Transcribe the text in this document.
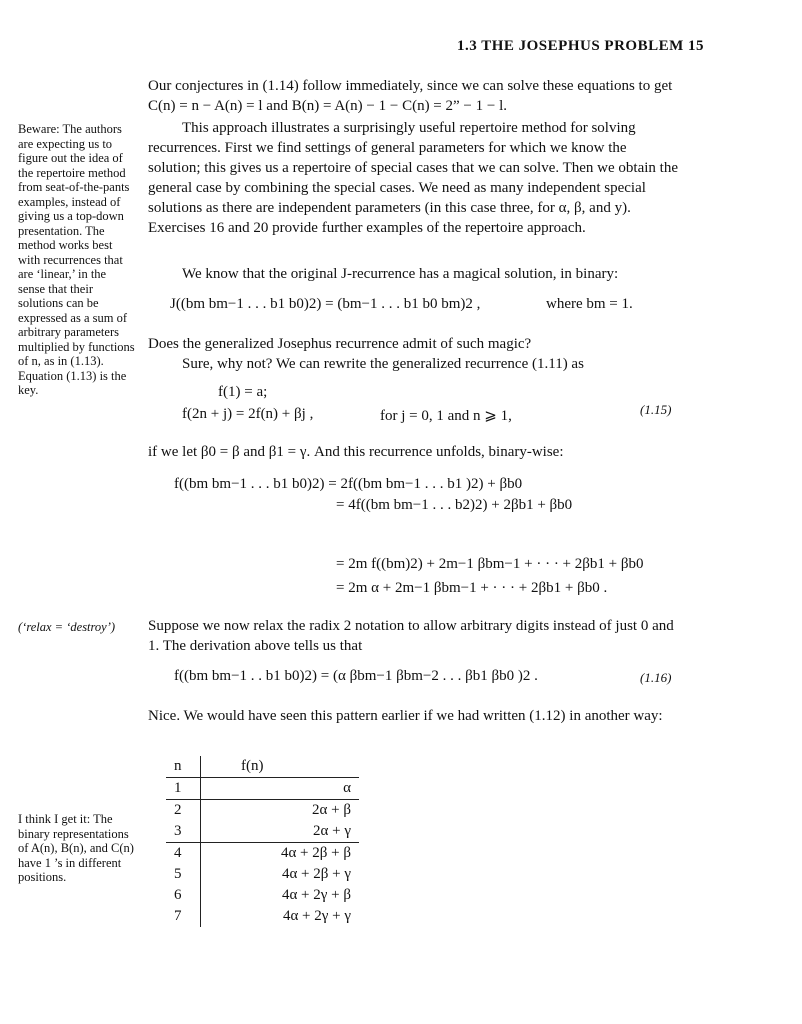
1.3 THE JOSEPHUS PROBLEM 15

Our conjectures in (1.14) follow immediately, since we can solve these equations to get C(n) = n − A(n) = l and B(n) = A(n) − 1 − C(n) = 2” − 1 − l.

This approach illustrates a surprisingly useful repertoire method for solving recurrences. First we find settings of general parameters for which we know the solution; this gives us a repertoire of special cases that we can solve. Then we obtain the general case by combining the special cases. We need as many independent special solutions as there are independent parameters (in this case three, for α, β, and y). Exercises 16 and 20 provide further examples of the repertoire approach.

We know that the original J-recurrence has a magical solution, in binary:

J((bm bm−1 . . . b1 b0)2) = (bm−1 . . . b1 b0 bm)2 ,	where bm = 1.

Does the generalized Josephus recurrence admit of such magic?

Sure, why not? We can rewrite the generalized recurrence (1.11) as

f(1) = a;
f(2n + j) = 2f(n) + βj ,	for j = 0, 1 and n ⩾ 1,	(1.15)

if we let β0 = β and β1 = γ. And this recurrence unfolds, binary-wise:

f((bm bm−1 . . . b1 b0)2) = 2f((bm bm−1 . . . b1 )2) + βb0
= 4f((bm bm−1 . . . b2)2) + 2βb1 + βb0
= 2m f((bm)2) + 2m−1 βbm−1 + · · · + 2βb1 + βb0
= 2m α + 2m−1 βbm−1 + · · · + 2βb1 + βb0 .

Suppose we now relax the radix 2 notation to allow arbitrary digits instead of just 0 and 1. The derivation above tells us that

f((bm bm−1 . . b1 b0)2) = (α βbm−1 βbm−2 . . . βb1 βb0 )2 .	(1.16)

Nice. We would have seen this pattern earlier if we had written (1.12) in another way:

n	f(n)
1	α
2	2α + β
3	2α + γ
4	4α + 2β + β
5	4α + 2β + γ
6	4α + 2γ + β
7	4α + 2γ + γ
Beware: The authors are expecting us to figure out the idea of the repertoire method from seat-of-the-pants examples, instead of giving us a top-down presentation. The method works best with recurrences that are ‘linear,’ in the sense that their solutions can be expressed as a sum of arbitrary parameters multiplied by functions of n, as in (1.13). Equation (1.13) is the key.
(‘relax = ‘destroy’)
I think I get it: The binary representations of A(n), B(n), and C(n) have 1 ’s in different positions.
